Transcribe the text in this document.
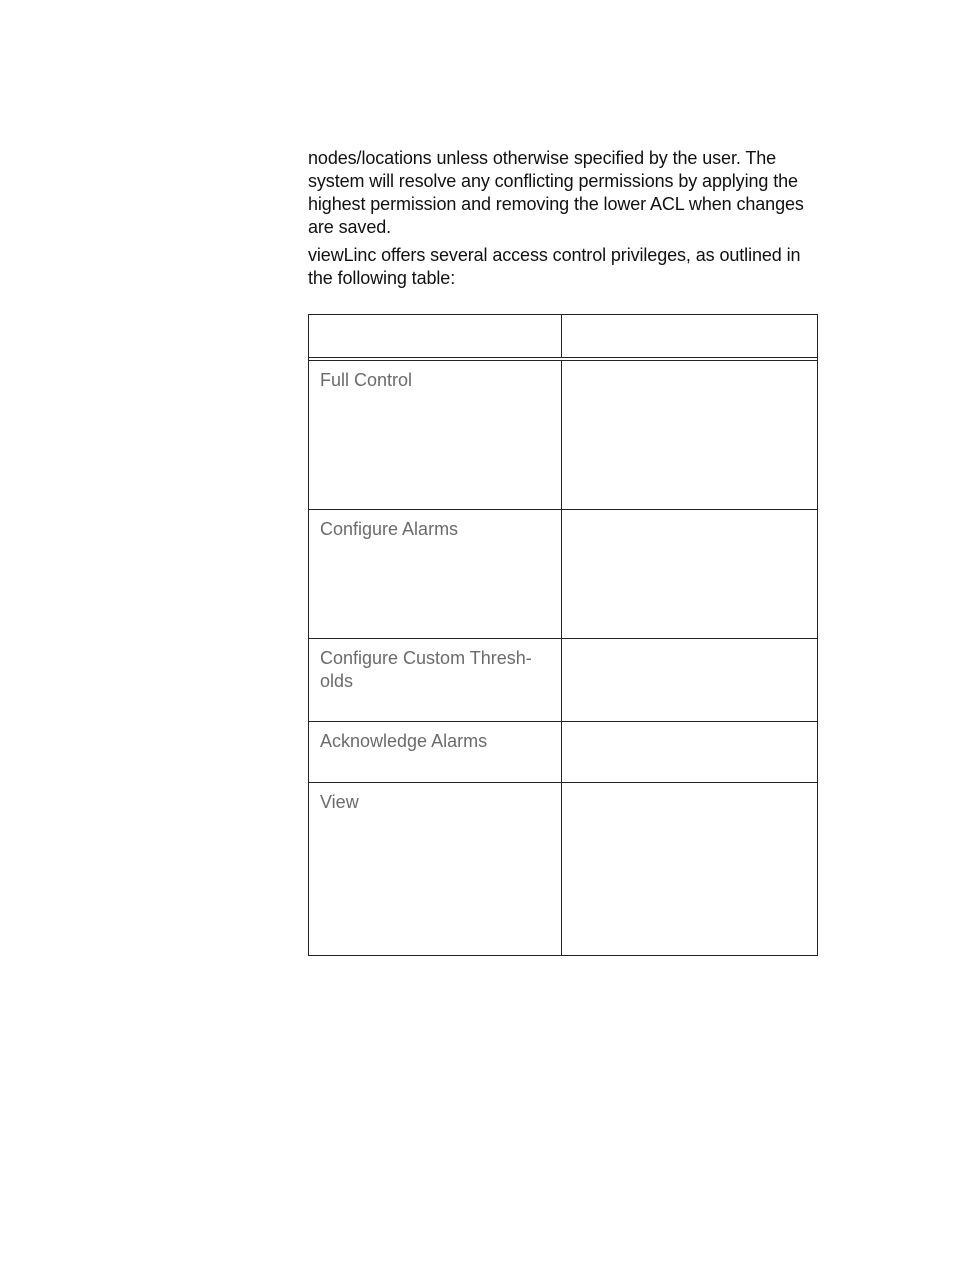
nodes/locations unless otherwise specified by the user. The system will resolve any conflicting permissions by applying the highest permission and removing the lower ACL when changes are saved.

viewLinc offers several access control privileges, as outlined in the following table:

Full Control
Configure Alarms
Configure Custom Thresh-
olds
Acknowledge Alarms
View
